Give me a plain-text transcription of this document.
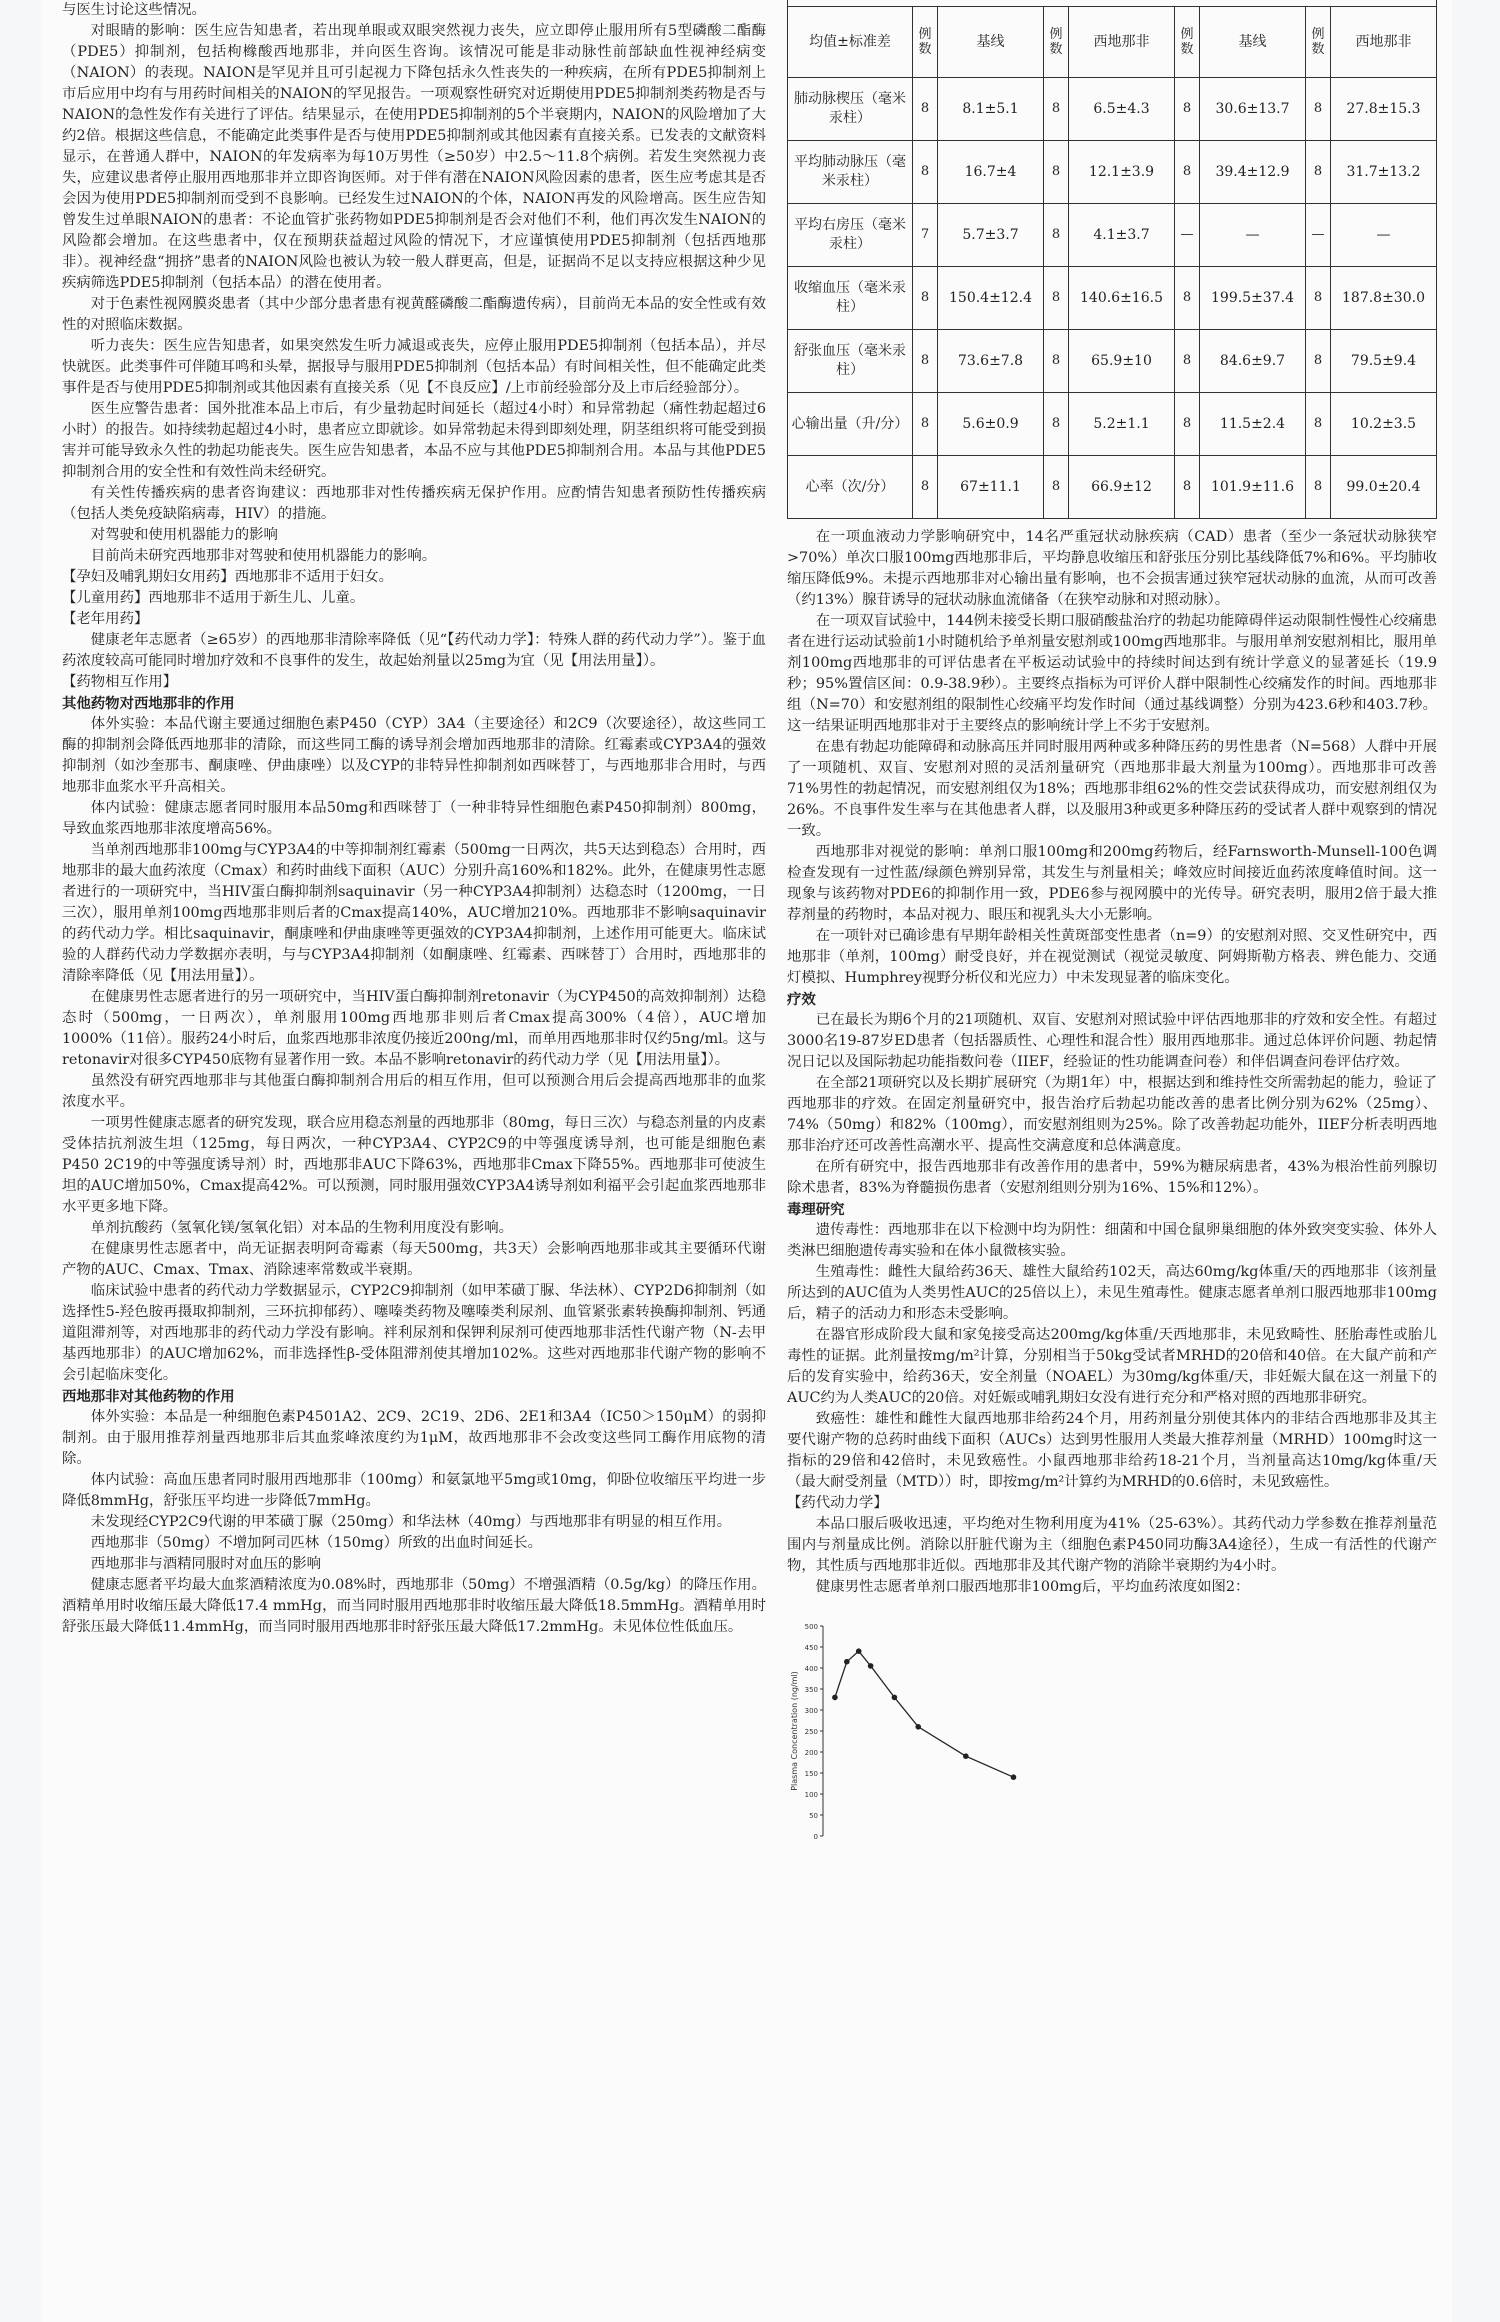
与医生讨论这些情况。

对眼睛的影响：医生应告知患者，若出现单眼或双眼突然视力丧失，应立即停止服用所有5型磷酸二酯酶（PDE5）抑制剂，包括枸橼酸西地那非，并向医生咨询。该情况可能是非动脉性前部缺血性视神经病变（NAION）的表现。NAION是罕见并且可引起视力下降包括永久性丧失的一种疾病，在所有PDE5抑制剂上市后应用中均有与用药时间相关的NAION的罕见报告。一项观察性研究对近期使用PDE5抑制剂类药物是否与NAION的急性发作有关进行了评估。结果显示，在使用PDE5抑制剂的5个半衰期内，NAION的风险增加了大约2倍。根据这些信息，不能确定此类事件是否与使用PDE5抑制剂或其他因素有直接关系。已发表的文献资料显示，在普通人群中，NAION的年发病率为每10万男性（≥50岁）中2.5～11.8个病例。若发生突然视力丧失，应建议患者停止服用西地那非并立即咨询医师。对于伴有潜在NAION风险因素的患者，医生应考虑其是否会因为使用PDE5抑制剂而受到不良影响。已经发生过NAION的个体，NAION再发的风险增高。医生应告知曾发生过单眼NAION的患者：不论血管扩张药物如PDE5抑制剂是否会对他们不利，他们再次发生NAION的风险都会增加。在这些患者中，仅在预期获益超过风险的情况下，才应谨慎使用PDE5抑制剂（包括西地那非）。视神经盘“拥挤”患者的NAION风险也被认为较一般人群更高，但是，证据尚不足以支持应根据这种少见疾病筛选PDE5抑制剂（包括本品）的潜在使用者。

对于色素性视网膜炎患者（其中少部分患者患有视黄醛磷酸二酯酶遗传病），目前尚无本品的安全性或有效性的对照临床数据。

听力丧失：医生应告知患者，如果突然发生听力减退或丧失，应停止服用PDE5抑制剂（包括本品），并尽快就医。此类事件可伴随耳鸣和头晕，据报导与服用PDE5抑制剂（包括本品）有时间相关性，但不能确定此类事件是否与使用PDE5抑制剂或其他因素有直接关系（见【不良反应】/上市前经验部分及上市后经验部分）。

医生应警告患者：国外批准本品上市后，有少量勃起时间延长（超过4小时）和异常勃起（痛性勃起超过6小时）的报告。如持续勃起超过4小时，患者应立即就诊。如异常勃起未得到即刻处理，阴茎组织将可能受到损害并可能导致永久性的勃起功能丧失。医生应告知患者，本品不应与其他PDE5抑制剂合用。本品与其他PDE5抑制剂合用的安全性和有效性尚未经研究。

有关性传播疾病的患者咨询建议：西地那非对性传播疾病无保护作用。应酌情告知患者预防性传播疾病（包括人类免疫缺陷病毒，HIV）的措施。

对驾驶和使用机器能力的影响

目前尚未研究西地那非对驾驶和使用机器能力的影响。

【孕妇及哺乳期妇女用药】西地那非不适用于妇女。

【儿童用药】西地那非不适用于新生儿、儿童。

【老年用药】

健康老年志愿者（≥65岁）的西地那非清除率降低（见“【药代动力学】：特殊人群的药代动力学”）。鉴于血药浓度较高可能同时增加疗效和不良事件的发生，故起始剂量以25mg为宜（见【用法用量】）。

【药物相互作用】

其他药物对西地那非的作用

体外实验：本品代谢主要通过细胞色素P450（CYP）3A4（主要途径）和2C9（次要途径），故这些同工酶的抑制剂会降低西地那非的清除，而这些同工酶的诱导剂会增加西地那非的清除。红霉素或CYP3A4的强效抑制剂（如沙奎那韦、酮康唑、伊曲康唑）以及CYP的非特异性抑制剂如西咪替丁，与西地那非合用时，与西地那非血浆水平升高相关。

体内试验：健康志愿者同时服用本品50mg和西咪替丁（一种非特异性细胞色素P450抑制剂）800mg，导致血浆西地那非浓度增高56%。

当单剂西地那非100mg与CYP3A4的中等抑制剂红霉素（500mg一日两次，共5天达到稳态）合用时，西地那非的最大血药浓度（Cmax）和药时曲线下面积（AUC）分别升高160%和182%。此外，在健康男性志愿者进行的一项研究中，当HIV蛋白酶抑制剂saquinavir（另一种CYP3A4抑制剂）达稳态时（1200mg，一日三次），服用单剂100mg西地那非则后者的Cmax提高140%，AUC增加210%。西地那非不影响saquinavir的药代动力学。相比saquinavir，酮康唑和伊曲康唑等更强效的CYP3A4抑制剂，上述作用可能更大。临床试验的人群药代动力学数据亦表明，与与CYP3A4抑制剂（如酮康唑、红霉素、西咪替丁）合用时，西地那非的清除率降低（见【用法用量】）。

在健康男性志愿者进行的另一项研究中，当HIV蛋白酶抑制剂retonavir（为CYP450的高效抑制剂）达稳态时（500mg，一日两次），单剂服用100mg西地那非则后者Cmax提高300%（4倍），AUC增加1000%（11倍）。服药24小时后，血浆西地那非浓度仍接近200ng/ml，而单用西地那非时仅约5ng/ml。这与retonavir对很多CYP450底物有显著作用一致。本品不影响retonavir的药代动力学（见【用法用量】）。

虽然没有研究西地那非与其他蛋白酶抑制剂合用后的相互作用，但可以预测合用后会提高西地那非的血浆浓度水平。

一项男性健康志愿者的研究发现，联合应用稳态剂量的西地那非（80mg，每日三次）与稳态剂量的内皮素受体拮抗剂波生坦（125mg，每日两次，一种CYP3A4、CYP2C9的中等强度诱导剂，也可能是细胞色素P450 2C19的中等强度诱导剂）时，西地那非AUC下降63%，西地那非Cmax下降55%。西地那非可使波生坦的AUC增加50%，Cmax提高42%。可以预测，同时服用强效CYP3A4诱导剂如利福平会引起血浆西地那非水平更多地下降。

单剂抗酸药（氢氧化镁/氢氧化铝）对本品的生物利用度没有影响。

在健康男性志愿者中，尚无证据表明阿奇霉素（每天500mg，共3天）会影响西地那非或其主要循环代谢产物的AUC、Cmax、Tmax、消除速率常数或半衰期。

临床试验中患者的药代动力学数据显示，CYP2C9抑制剂（如甲苯磺丁脲、华法林）、CYP2D6抑制剂（如选择性5-羟色胺再摄取抑制剂，三环抗抑郁药）、噻嗪类药物及噻嗪类利尿剂、血管紧张素转换酶抑制剂、钙通道阻滞剂等，对西地那非的药代动力学没有影响。袢利尿剂和保钾利尿剂可使西地那非活性代谢产物（N-去甲基西地那非）的AUC增加62%，而非选择性β-受体阻滞剂使其增加102%。这些对西地那非代谢产物的影响不会引起临床变化。

西地那非对其他药物的作用

体外实验：本品是一种细胞色素P4501A2、2C9、2C19、2D6、2E1和3A4（IC50＞150μM）的弱抑制剂。由于服用推荐剂量西地那非后其血浆峰浓度约为1μM，故西地那非不会改变这些同工酶作用底物的清除。

体内试验：高血压患者同时服用西地那非（100mg）和氨氯地平5mg或10mg，仰卧位收缩压平均进一步降低8mmHg，舒张压平均进一步降低7mmHg。

未发现经CYP2C9代谢的甲苯磺丁脲（250mg）和华法林（40mg）与西地那非有明显的相互作用。

西地那非（50mg）不增加阿司匹林（150mg）所致的出血时间延长。

西地那非与酒精同服时对血压的影响

健康志愿者平均最大血浆酒精浓度为0.08%时，西地那非（50mg）不增强酒精（0.5g/kg）的降压作用。酒精单用时收缩压最大降低17.4 mmHg，而当同时服用西地那非时收缩压最大降低18.5mmHg。酒精单用时舒张压最大降低11.4mmHg，而当同时服用西地那非时舒张压最大降低17.2mmHg。未见体位性低血压。

均值±标准差	例数	基线	例数	西地那非	例数	基线	例数	西地那非
肺动脉楔压（毫米汞柱）	8	8.1±5.1	8	6.5±4.3	8	30.6±13.7	8	27.8±15.3
平均肺动脉压（毫米汞柱）	8	16.7±4	8	12.1±3.9	8	39.4±12.9	8	31.7±13.2
平均右房压（毫米汞柱）	7	5.7±3.7	8	4.1±3.7	—	—	—	—
收缩血压（毫米汞柱）	8	150.4±12.4	8	140.6±16.5	8	199.5±37.4	8	187.8±30.0
舒张血压（毫米汞柱）	8	73.6±7.8	8	65.9±10	8	84.6±9.7	8	79.5±9.4
心输出量（升/分）	8	5.6±0.9	8	5.2±1.1	8	11.5±2.4	8	10.2±3.5
心率（次/分）	8	67±11.1	8	66.9±12	8	101.9±11.6	8	99.0±20.4

在一项血液动力学影响研究中，14名严重冠状动脉疾病（CAD）患者（至少一条冠状动脉狭窄>70%）单次口服100mg西地那非后，平均静息收缩压和舒张压分别比基线降低7%和6%。平均肺收缩压降低9%。未提示西地那非对心输出量有影响，也不会损害通过狭窄冠状动脉的血流，从而可改善（约13%）腺苷诱导的冠状动脉血流储备（在狭窄动脉和对照动脉）。

在一项双盲试验中，144例未接受长期口服硝酸盐治疗的勃起功能障碍伴运动限制性慢性心绞痛患者在进行运动试验前1小时随机给予单剂量安慰剂或100mg西地那非。与服用单剂安慰剂相比，服用单剂100mg西地那非的可评估患者在平板运动试验中的持续时间达到有统计学意义的显著延长（19.9秒；95%置信区间：0.9-38.9秒）。主要终点指标为可评价人群中限制性心绞痛发作的时间。西地那非组（N=70）和安慰剂组的限制性心绞痛平均发作时间（通过基线调整）分别为423.6秒和403.7秒。这一结果证明西地那非对于主要终点的影响统计学上不劣于安慰剂。

在患有勃起功能障碍和动脉高压并同时服用两种或多种降压药的男性患者（N=568）人群中开展了一项随机、双盲、安慰剂对照的灵活剂量研究（西地那非最大剂量为100mg）。西地那非可改善71%男性的勃起情况，而安慰剂组仅为18%；西地那非组62%的性交尝试获得成功，而安慰剂组仅为26%。不良事件发生率与在其他患者人群，以及服用3种或更多种降压药的受试者人群中观察到的情况一致。

西地那非对视觉的影响：单剂口服100mg和200mg药物后，经Farnsworth-Munsell-100色调检查发现有一过性蓝/绿颜色辨别异常，其发生与剂量相关；峰效应时间接近血药浓度峰值时间。这一现象与该药物对PDE6的抑制作用一致，PDE6参与视网膜中的光传导。研究表明，服用2倍于最大推荐剂量的药物时，本品对视力、眼压和视乳头大小无影响。

在一项针对已确诊患有早期年龄相关性黄斑部变性患者（n=9）的安慰剂对照、交叉性研究中，西地那非（单剂，100mg）耐受良好，并在视觉测试（视觉灵敏度、阿姆斯勒方格表、辨色能力、交通灯模拟、Humphrey视野分析仪和光应力）中未发现显著的临床变化。

疗效

已在最长为期6个月的21项随机、双盲、安慰剂对照试验中评估西地那非的疗效和安全性。有超过3000名19-87岁ED患者（包括器质性、心理性和混合性）服用西地那非。通过总体评价问题、勃起情况日记以及国际勃起功能指数问卷（IIEF，经验证的性功能调查问卷）和伴侣调查问卷评估疗效。

在全部21项研究以及长期扩展研究（为期1年）中，根据达到和维持性交所需勃起的能力，验证了西地那非的疗效。在固定剂量研究中，报告治疗后勃起功能改善的患者比例分别为62%（25mg）、74%（50mg）和82%（100mg），而安慰剂组则为25%。除了改善勃起功能外，IIEF分析表明西地那非治疗还可改善性高潮水平、提高性交满意度和总体满意度。

在所有研究中，报告西地那非有改善作用的患者中，59%为糖尿病患者，43%为根治性前列腺切除术患者，83%为脊髓损伤患者（安慰剂组则分别为16%、15%和12%）。

毒理研究

遗传毒性：西地那非在以下检测中均为阴性：细菌和中国仓鼠卵巢细胞的体外致突变实验、体外人类淋巴细胞遗传毒实验和在体小鼠微核实验。

生殖毒性：雌性大鼠给药36天、雄性大鼠给药102天，高达60mg/kg体重/天的西地那非（该剂量所达到的AUC值为人类男性AUC的25倍以上），未见生殖毒性。健康志愿者单剂口服西地那非100mg后，精子的活动力和形态未受影响。

在器官形成阶段大鼠和家兔接受高达200mg/kg体重/天西地那非，未见致畸性、胚胎毒性或胎儿毒性的证据。此剂量按mg/m²计算，分别相当于50kg受试者MRHD的20倍和40倍。在大鼠产前和产后的发育实验中，给药36天，安全剂量（NOAEL）为30mg/kg体重/天，非妊娠大鼠在这一剂量下的AUC约为人类AUC的20倍。对妊娠或哺乳期妇女没有进行充分和严格对照的西地那非研究。

致癌性：雄性和雌性大鼠西地那非给药24个月，用药剂量分别使其体内的非结合西地那非及其主要代谢产物的总药时曲线下面积（AUCs）达到男性服用人类最大推荐剂量（MRHD）100mg时这一指标的29倍和42倍时，未见致癌性。小鼠西地那非给药18-21个月，当剂量高达10mg/kg体重/天（最大耐受剂量（MTD））时，即按mg/m²计算约为MRHD的0.6倍时，未见致癌性。

【药代动力学】

本品口服后吸收迅速，平均绝对生物利用度为41%（25-63%）。其药代动力学参数在推荐剂量范围内与剂量成比例。消除以肝脏代谢为主（细胞色素P450同功酶3A4途径），生成一有活性的代谢产物，其性质与西地那非近似。西地那非及其代谢产物的消除半衰期约为4小时。

健康男性志愿者单剂口服西地那非100mg后，平均血药浓度如图2：

0
50
100
150
200
250
300
350
400
450
500
Plasma Concentration (ng/ml)
